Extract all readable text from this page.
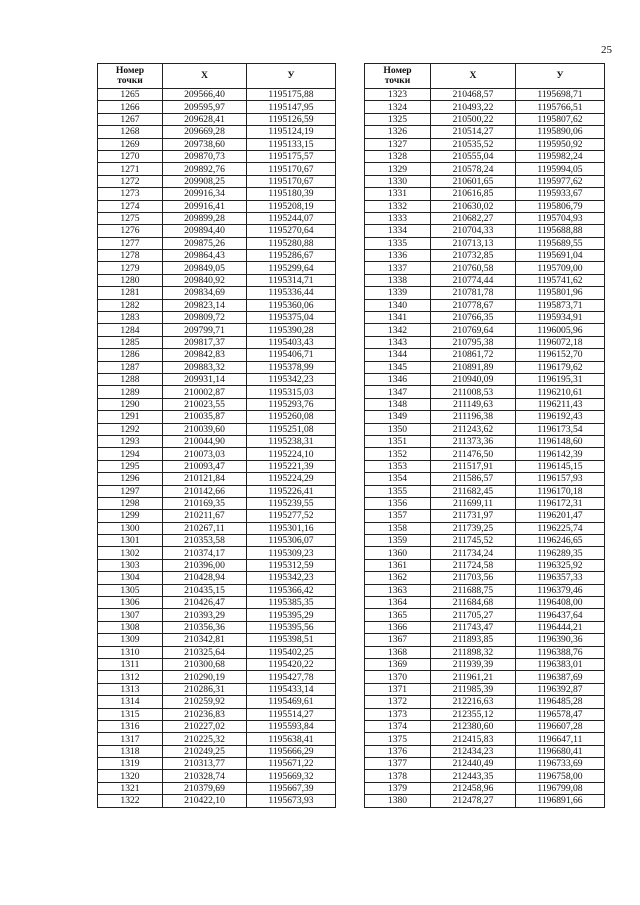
25
Номер
точки	X	У
1265	209566,40	1195175,88
1266	209595,97	1195147,95
1267	209628,41	1195126,59
1268	209669,28	1195124,19
1269	209738,60	1195133,15
1270	209870,73	1195175,57
1271	209892,76	1195170,67
1272	209908,25	1195170,67
1273	209916,34	1195180,39
1274	209916,41	1195208,19
1275	209899,28	1195244,07
1276	209894,40	1195270,64
1277	209875,26	1195280,88
1278	209864,43	1195286,67
1279	209849,05	1195299,64
1280	209840,92	1195314,71
1281	209834,69	1195336,44
1282	209823,14	1195360,06
1283	209809,72	1195375,04
1284	209799,71	1195390,28
1285	209817,37	1195403,43
1286	209842,83	1195406,71
1287	209883,32	1195378,99
1288	209931,14	1195342,23
1289	210002,87	1195315,03
1290	210023,55	1195293,76
1291	210035,87	1195260,08
1292	210039,60	1195251,08
1293	210044,90	1195238,31
1294	210073,03	1195224,10
1295	210093,47	1195221,39
1296	210121,84	1195224,29
1297	210142,66	1195226,41
1298	210169,35	1195239,55
1299	210211,67	1195277,52
1300	210267,11	1195301,16
1301	210353,58	1195306,07
1302	210374,17	1195309,23
1303	210396,00	1195312,59
1304	210428,94	1195342,23
1305	210435,15	1195366,42
1306	210426,47	1195385,35
1307	210393,29	1195395,29
1308	210356,36	1195395,56
1309	210342,81	1195398,51
1310	210325,64	1195402,25
1311	210300,68	1195420,22
1312	210290,19	1195427,78
1313	210286,31	1195433,14
1314	210259,92	1195469,61
1315	210236,83	1195514,27
1316	210227,02	1195593,84
1317	210225,32	1195638,41
1318	210249,25	1195666,29
1319	210313,77	1195671,22
1320	210328,74	1195669,32
1321	210379,69	1195667,39
1322	210422,10	1195673,93
Номер
точки	X	У
1323	210468,57	1195698,71
1324	210493,22	1195766,51
1325	210500,22	1195807,62
1326	210514,27	1195890,06
1327	210535,52	1195950,92
1328	210555,04	1195982,24
1329	210578,24	1195994,05
1330	210601,65	1195977,62
1331	210616,85	1195933,67
1332	210630,02	1195806,79
1333	210682,27	1195704,93
1334	210704,33	1195688,88
1335	210713,13	1195689,55
1336	210732,85	1195691,04
1337	210760,58	1195709,00
1338	210774,44	1195741,62
1339	210781,78	1195801,96
1340	210778,67	1195873,71
1341	210766,35	1195934,91
1342	210769,64	1196005,96
1343	210795,38	1196072,18
1344	210861,72	1196152,70
1345	210891,89	1196179,62
1346	210940,09	1196195,31
1347	211008,53	1196210,61
1348	211149,63	1196211,43
1349	211196,38	1196192,43
1350	211243,62	1196173,54
1351	211373,36	1196148,60
1352	211476,50	1196142,39
1353	211517,91	1196145,15
1354	211586,57	1196157,93
1355	211682,45	1196170,18
1356	211699,11	1196172,31
1357	211731,97	1196201,47
1358	211739,25	1196225,74
1359	211745,52	1196246,65
1360	211734,24	1196289,35
1361	211724,58	1196325,92
1362	211703,56	1196357,33
1363	211688,75	1196379,46
1364	211684,68	1196408,00
1365	211705,27	1196437,64
1366	211743,47	1196444,21
1367	211893,85	1196390,36
1368	211898,32	1196388,76
1369	211939,39	1196383,01
1370	211961,21	1196387,69
1371	211985,39	1196392,87
1372	212216,63	1196485,28
1373	212355,12	1196578,47
1374	212380,60	1196607,28
1375	212415,83	1196647,11
1376	212434,23	1196680,41
1377	212440,49	1196733,69
1378	212443,35	1196758,00
1379	212458,96	1196799,08
1380	212478,27	1196891,66
